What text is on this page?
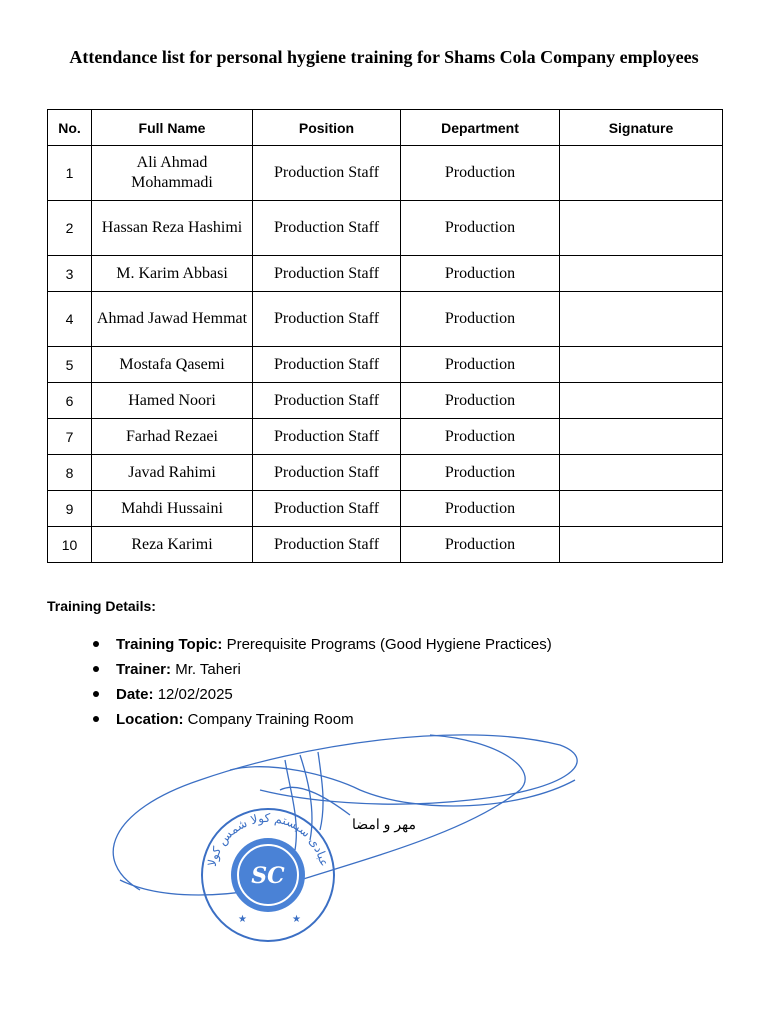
Attendance list for personal hygiene training for Shams Cola Company employees
No.	Full Name	Position	Department	Signature
1	Ali Ahmad Mohammadi	Production Staff	Production	
2	Hassan Reza Hashimi	Production Staff	Production	
3	M. Karim Abbasi	Production Staff	Production	
4	Ahmad Jawad Hemmat	Production Staff	Production	
5	Mostafa Qasemi	Production Staff	Production	
6	Hamed Noori	Production Staff	Production	
7	Farhad Rezaei	Production Staff	Production	
8	Javad Rahimi	Production Staff	Production	
9	Mahdi Hussaini	Production Staff	Production	
10	Reza Karimi	Production Staff	Production	
Training Details:
Training Topic: Prerequisite Programs (Good Hygiene Practices)
Trainer: Mr. Taheri
Date: 12/02/2025
Location: Company Training Room
SC
عبادی سیستم کولا شمس کولا
★	★
مهر و امضا
